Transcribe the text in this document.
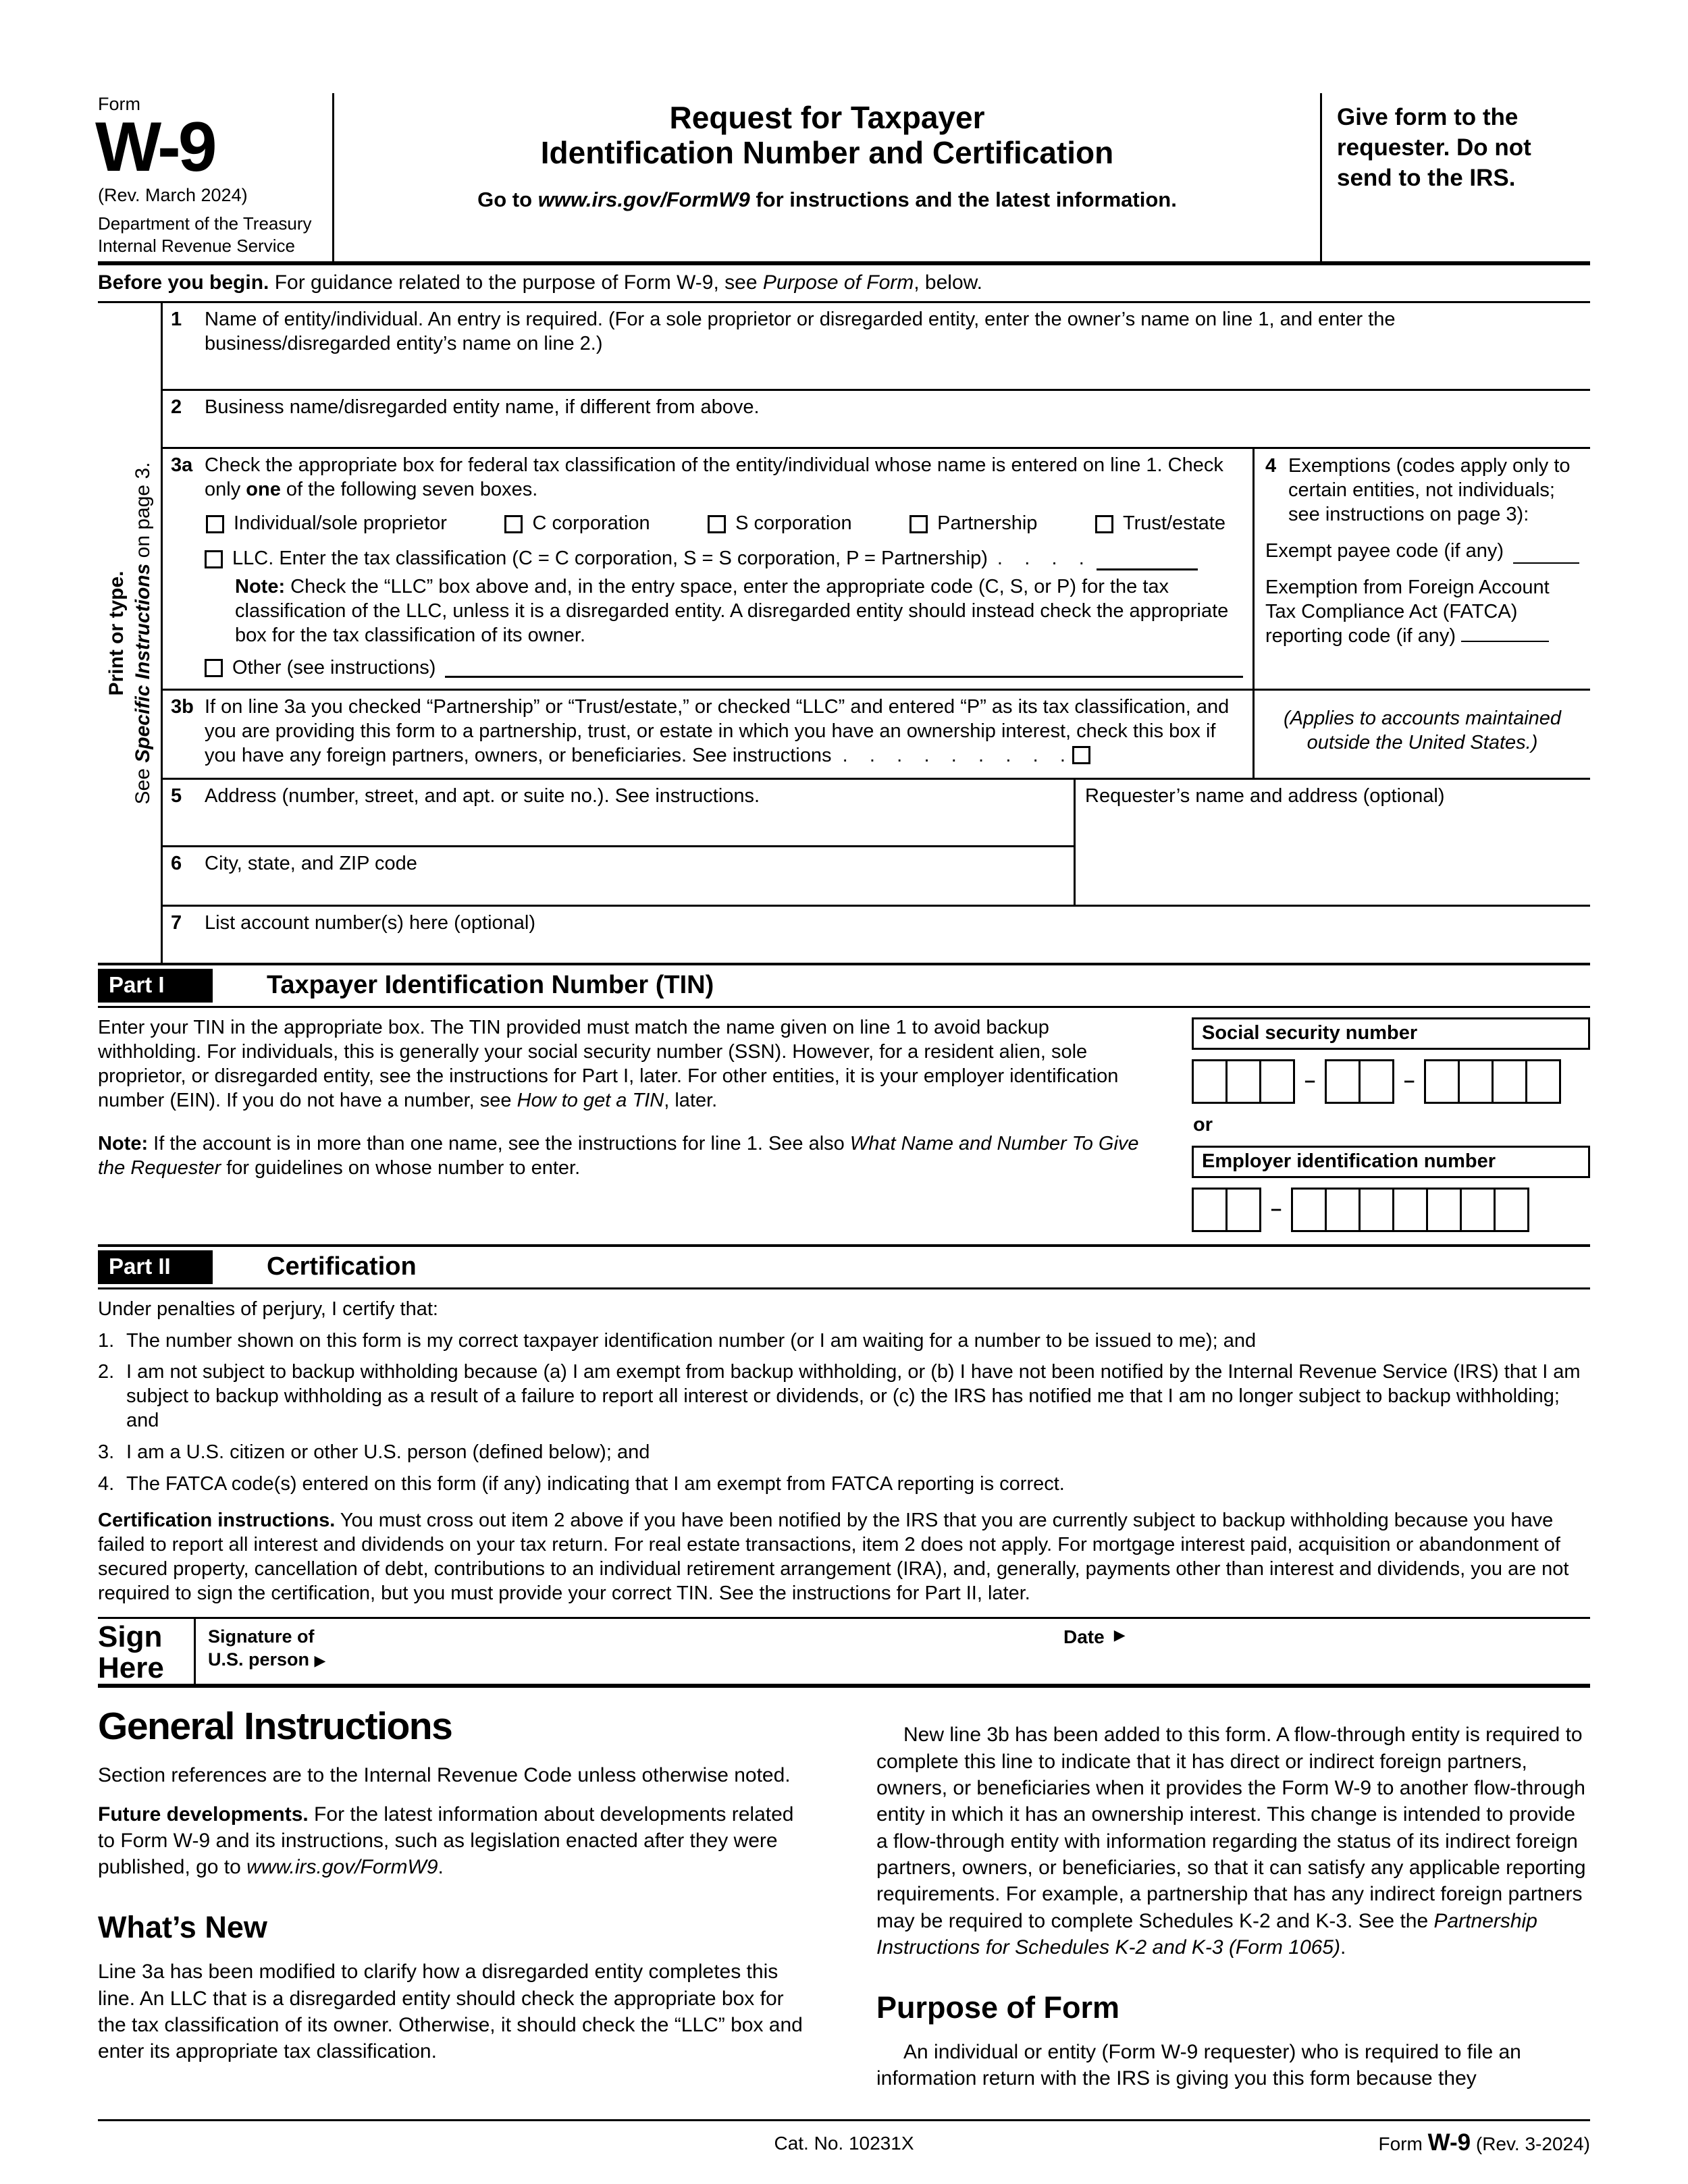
Form
W-9
(Rev. March 2024)
Department of the Treasury
Internal Revenue Service
Request for Taxpayer
Identification Number and Certification
Go to www.irs.gov/FormW9 for instructions and the latest information.
Give form to the requester. Do not send to the IRS.
Before you begin. For guidance related to the purpose of Form W-9, see Purpose of Form, below.
Print or type.
See Specific Instructions on page 3.
1	Name of entity/individual. An entry is required. (For a sole proprietor or disregarded entity, enter the owner’s name on line 1, and enter the business/disregarded entity’s name on line 2.)
2	Business name/disregarded entity name, if different from above.
3a Check the appropriate box for federal tax classification of the entity/individual whose name is entered on line 1. Check only one of the following seven boxes.
Individual/sole proprietor	C corporation	S corporation	Partnership	Trust/estate
LLC. Enter the tax classification (C = C corporation, S = S corporation, P = Partnership) .    .    .    .
Note: Check the “LLC” box above and, in the entry space, enter the appropriate code (C, S, or P) for the tax classification of the LLC, unless it is a disregarded entity. A disregarded entity should instead check the appropriate box for the tax classification of its owner.
Other (see instructions)
4 Exemptions (codes apply only to certain entities, not individuals; see instructions on page 3):
Exempt payee code (if any)
Exemption from Foreign Account Tax Compliance Act (FATCA) reporting code (if any)
3b If on line 3a you checked “Partnership” or “Trust/estate,” or checked “LLC” and entered “P” as its tax classification, and you are providing this form to a partnership, trust, or estate in which you have an ownership interest, check this box if you have any foreign partners, owners, or beneficiaries. See instructions  .    .    .    .    .    .    .    .    .
(Applies to accounts maintained outside the United States.)
5	Address (number, street, and apt. or suite no.). See instructions.
6	City, state, and ZIP code
Requester’s name and address (optional)
7	List account number(s) here (optional)
Part I	Taxpayer Identification Number (TIN)
Enter your TIN in the appropriate box. The TIN provided must match the name given on line 1 to avoid backup withholding. For individuals, this is generally your social security number (SSN). However, for a resident alien, sole proprietor, or disregarded entity, see the instructions for Part I, later. For other entities, it is your employer identification number (EIN). If you do not have a number, see How to get a TIN, later.
Note: If the account is in more than one name, see the instructions for line 1. See also What Name and Number To Give the Requester for guidelines on whose number to enter.
Social security number
–	–
or
Employer identification number
–
Part II	Certification
Under penalties of perjury, I certify that:
1. The number shown on this form is my correct taxpayer identification number (or I am waiting for a number to be issued to me); and
2. I am not subject to backup withholding because (a) I am exempt from backup withholding, or (b) I have not been notified by the Internal Revenue Service (IRS) that I am subject to backup withholding as a result of a failure to report all interest or dividends, or (c) the IRS has notified me that I am no longer subject to backup withholding; and
3. I am a U.S. citizen or other U.S. person (defined below); and
4. The FATCA code(s) entered on this form (if any) indicating that I am exempt from FATCA reporting is correct.
Certification instructions. You must cross out item 2 above if you have been notified by the IRS that you are currently subject to backup withholding because you have failed to report all interest and dividends on your tax return. For real estate transactions, item 2 does not apply. For mortgage interest paid, acquisition or abandonment of secured property, cancellation of debt, contributions to an individual retirement arrangement (IRA), and, generally, payments other than interest and dividends, you are not required to sign the certification, but you must provide your correct TIN. See the instructions for Part II, later.
Sign
Here
Signature of
U.S. person ▶
Date ▶
General Instructions

Section references are to the Internal Revenue Code unless otherwise noted.

Future developments. For the latest information about developments related to Form W-9 and its instructions, such as legislation enacted after they were published, go to www.irs.gov/FormW9.

What’s New

Line 3a has been modified to clarify how a disregarded entity completes this line. An LLC that is a disregarded entity should check the appropriate box for the tax classification of its owner. Otherwise, it should check the “LLC” box and enter its appropriate tax classification.

New line 3b has been added to this form. A flow-through entity is required to complete this line to indicate that it has direct or indirect foreign partners, owners, or beneficiaries when it provides the Form W-9 to another flow-through entity in which it has an ownership interest. This change is intended to provide a flow-through entity with information regarding the status of its indirect foreign partners, owners, or beneficiaries, so that it can satisfy any applicable reporting requirements. For example, a partnership that has any indirect foreign partners may be required to complete Schedules K-2 and K-3. See the Partnership Instructions for Schedules K-2 and K-3 (Form 1065).

Purpose of Form

An individual or entity (Form W-9 requester) who is required to file an information return with the IRS is giving you this form because they

Cat. No. 10231X	Form W-9 (Rev. 3-2024)
